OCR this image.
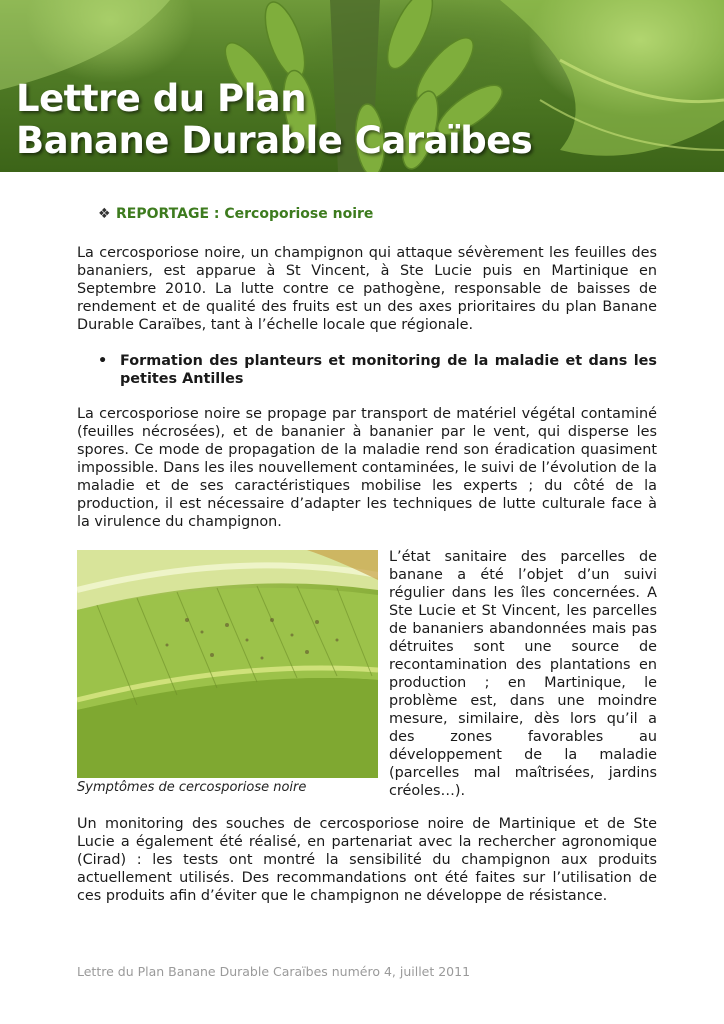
Lettre du Plan
Banane Durable Caraïbes
❖ REPORTAGE : Cercoporiose noire

La cercosporiose noire, un champignon qui attaque sévèrement les feuilles des bananiers, est apparue à St Vincent, à Ste Lucie puis en Martinique en Septembre 2010. La lutte contre ce pathogène, responsable de baisses de rendement et de qualité des fruits est un des axes prioritaires du plan Banane Durable Caraïbes, tant à l’échelle locale que régionale.

• Formation des planteurs et monitoring de la maladie et dans les petites Antilles

La cercosporiose noire se propage par transport de matériel végétal contaminé (feuilles nécrosées), et de bananier à bananier par le vent, qui disperse les spores. Ce mode de propagation de la maladie rend son éradication quasiment impossible. Dans les iles nouvellement contaminées, le suivi de l’évolution de la maladie et de ses caractéristiques mobilise les experts ; du côté de la production, il est nécessaire d’adapter les techniques de lutte culturale face à la virulence du champignon.

Symptômes de cercosporiose noire

L’état sanitaire des parcelles de banane a été l’objet d’un suivi régulier dans les îles concernées. A Ste Lucie et St Vincent, les parcelles de bananiers abandonnées mais pas détruites sont une source de recontamination des plantations en production ; en Martinique, le problème est, dans une moindre mesure, similaire, dès lors qu’il a des zones favorables au développement de la maladie (parcelles mal maîtrisées, jardins créoles…).

Un monitoring des souches de cercosporiose noire de Martinique et de Ste Lucie a également été réalisé, en partenariat avec la rechercher agronomique (Cirad) : les tests ont montré la sensibilité du champignon aux produits actuellement utilisés. Des recommandations ont été faites sur l’utilisation de ces produits afin d’éviter que le champignon ne développe de résistance.

Lettre du Plan Banane Durable Caraïbes numéro 4, juillet 2011
